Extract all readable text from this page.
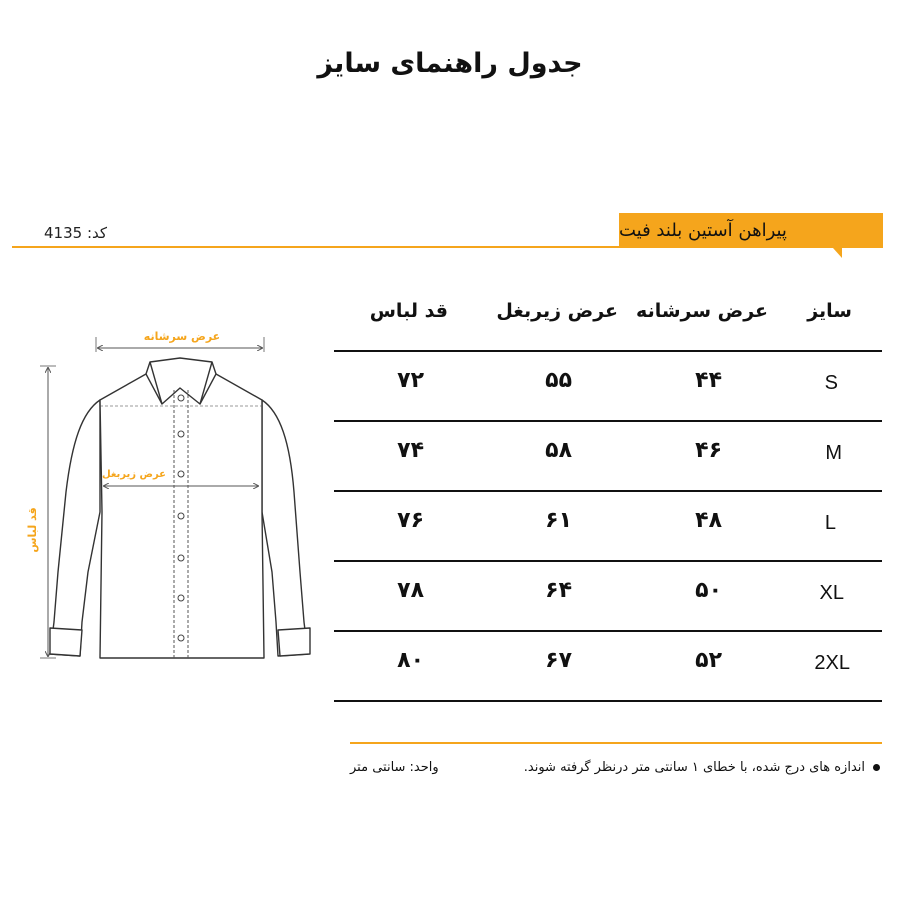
جدول راهنمای سایز
کد: 4135	پیراهن آستین بلند فیت
عرض سرشانه
عرض زیربغل
قد لباس
سایز
عرض سرشانه
عرض زیربغل
قد لباس
S
۴۴
۵۵
۷۲
M
۴۶
۵۸
۷۴
L
۴۸
۶۱
۷۶
XL
۵۰
۶۴
۷۸
2XL
۵۲
۶۷
۸۰
اندازه های درج شده، با خطای ۱ سانتی متر درنظر گرفته شوند.
واحد: سانتی متر
